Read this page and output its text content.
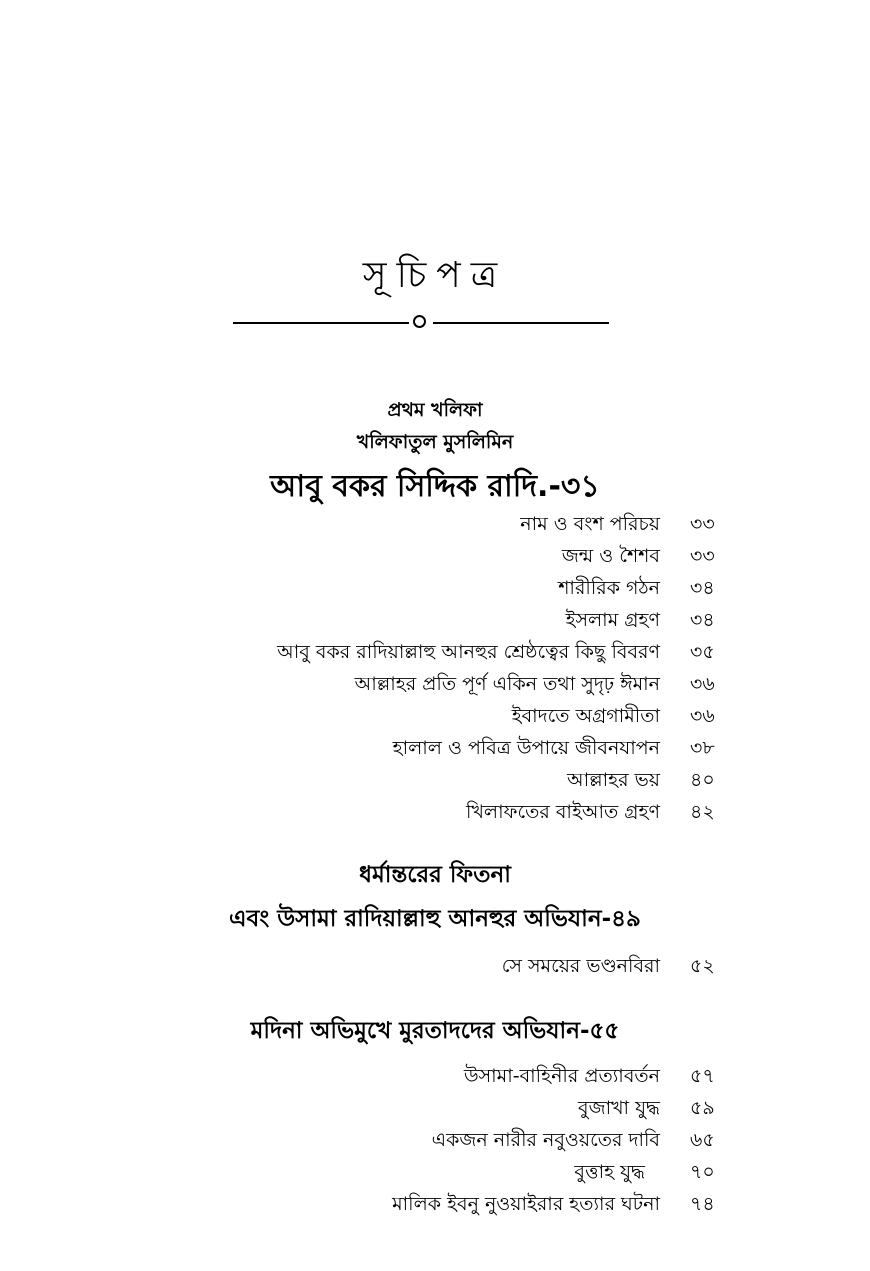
সূচিপত্র
প্রথম খলিফা
খলিফাতুল মুসলিমিন
আবু বকর সিদ্দিক রাদি.-৩১
নাম ও বংশ পরিচয় ৩৩
জন্ম ও শৈশব ৩৩
শারীরিক গঠন ৩৪
ইসলাম গ্রহণ ৩৪
আবু বকর রাদিয়াল্লাহু আনহুর শ্রেষ্ঠত্বের কিছু বিবরণ ৩৫
আল্লাহর প্রতি পূর্ণ একিন তথা সুদৃঢ় ঈমান ৩৬
ইবাদতে অগ্রগামীতা ৩৬
হালাল ও পবিত্র উপায়ে জীবনযাপন ৩৮
আল্লাহর ভয় ৪০
খিলাফতের বাইআত গ্রহণ ৪২
ধর্মান্তরের ফিতনা
এবং উসামা রাদিয়াল্লাহু আনহুর অভিযান-৪৯
সে সময়ের ভণ্ডনবিরা ৫২
মদিনা অভিমুখে মুরতাদদের অভিযান-৫৫
উসামা-বাহিনীর প্রত্যাবর্তন ৫৭
বুজাখা যুদ্ধ ৫৯
একজন নারীর নবুওয়তের দাবি ৬৫
বুত্তাহ যুদ্ধ ৭০
মালিক ইবনু নুওয়াইরার হত্যার ঘটনা ৭৪
